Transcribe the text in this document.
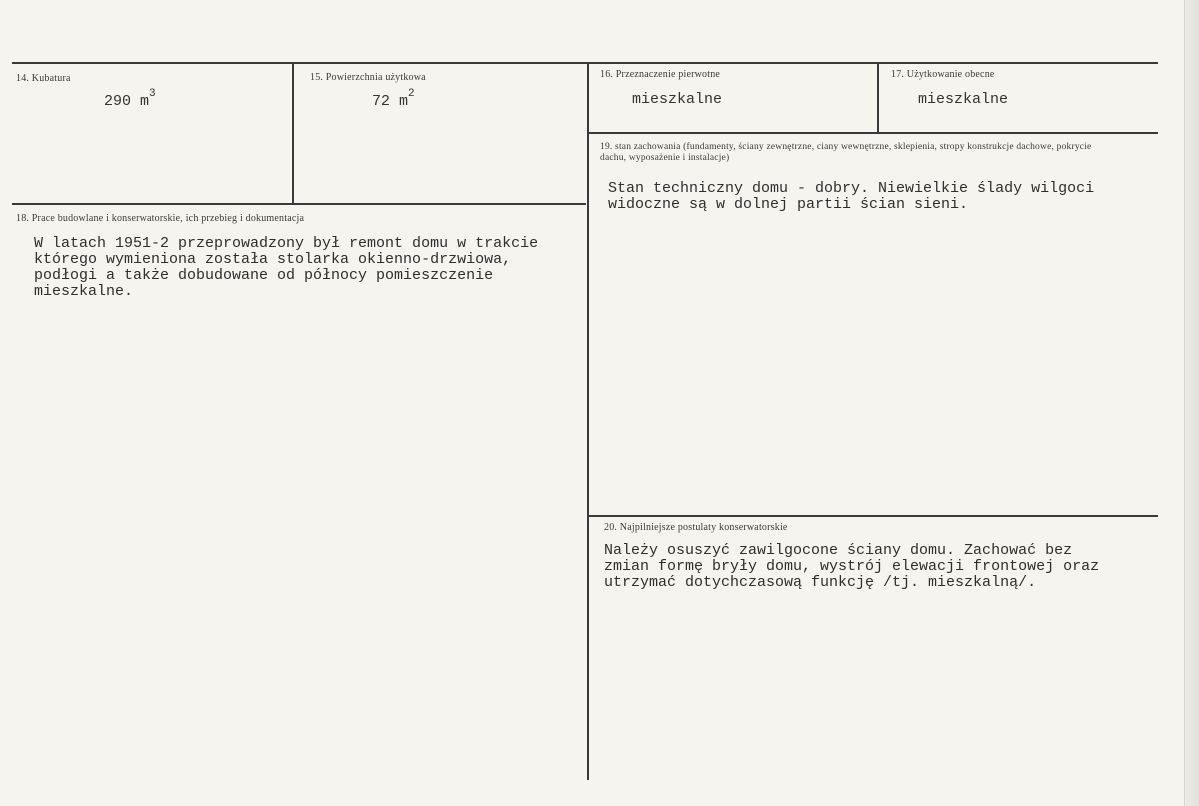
14. Kubatura
290 $m^3$
15. Powierzchnia użytkowa
72 $m^2$
16. Przeznaczenie pierwotne
mieszkalne
17. Użytkowanie obecne
mieszkalne
18. Prace budowlane i konserwatorskie, ich przebieg i dokumentacja
W latach 1951-2 przeprowadzony był remont domu w trakcie
którego wymieniona została stolarka okienno-drzwiowa,
podłogi a także dobudowane od północy pomieszczenie
mieszkalne.
19. stan zachowania (fundamenty, ściany zewnętrzne, ciany wewnętrzne, sklepienia, stropy konstrukcje dachowe, pokrycie dachu, wyposażenie i instalacje)
Stan techniczny domu - dobry. Niewielkie ślady wilgoci
widoczne są w dolnej partii ścian sieni.
20. Najpilniejsze postulaty konserwatorskie
Należy osuszyć zawilgocone ściany domu. Zachować bez
zmian formę bryły domu, wystrój elewacji frontowej oraz
utrzymać dotychczasową funkcję /tj. mieszkalną/.
